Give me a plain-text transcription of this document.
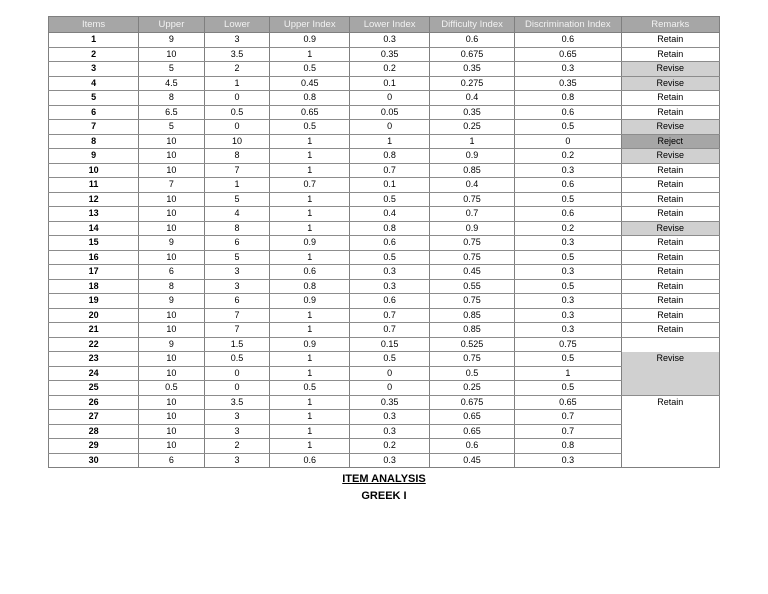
Items	Upper	Lower	Upper Index	Lower Index	Difficulty Index	Discrimination Index	Remarks
1	9	3	0.9	0.3	0.6	0.6	Retain
2	10	3.5	1	0.35	0.675	0.65	Retain
3	5	2	0.5	0.2	0.35	0.3	Revise
4	4.5	1	0.45	0.1	0.275	0.35	Revise
5	8	0	0.8	0	0.4	0.8	Retain
6	6.5	0.5	0.65	0.05	0.35	0.6	Retain
7	5	0	0.5	0	0.25	0.5	Revise
8	10	10	1	1	1	0	Reject
9	10	8	1	0.8	0.9	0.2	Revise
10	10	7	1	0.7	0.85	0.3	Retain
11	7	1	0.7	0.1	0.4	0.6	Retain
12	10	5	1	0.5	0.75	0.5	Retain
13	10	4	1	0.4	0.7	0.6	Retain
14	10	8	1	0.8	0.9	0.2	Revise
15	9	6	0.9	0.6	0.75	0.3	Retain
16	10	5	1	0.5	0.75	0.5	Retain
17	6	3	0.6	0.3	0.45	0.3	Retain
18	8	3	0.8	0.3	0.55	0.5	Retain
19	9	6	0.9	0.6	0.75	0.3	Retain
20	10	7	1	0.7	0.85	0.3	Retain
21	10	7	1	0.7	0.85	0.3	Retain
22	9	1.5	0.9	0.15	0.525	0.75	
23	10	0.5	1	0.5	0.75	0.5	Revise
24	10	0	1	0	0.5	1	
25	0.5	0	0.5	0	0.25	0.5	
26	10	3.5	1	0.35	0.675	0.65	Retain
27	10	3	1	0.3	0.65	0.7	
28	10	3	1	0.3	0.65	0.7	
29	10	2	1	0.2	0.6	0.8	
30	6	3	0.6	0.3	0.45	0.3	
ITEM ANALYSIS
GREEK I
